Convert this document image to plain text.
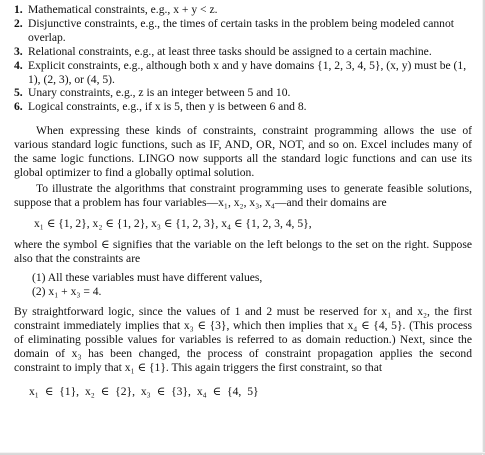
1. Mathematical constraints, e.g., x + y < z.
2. Disjunctive constraints, e.g., the times of certain tasks in the problem being modeled cannot overlap.
3. Relational constraints, e.g., at least three tasks should be assigned to a certain machine.
4. Explicit constraints, e.g., although both x and y have domains {1, 2, 3, 4, 5}, (x, y) must be (1, 1), (2, 3), or (4, 5).
5. Unary constraints, e.g., z is an integer between 5 and 10.
6. Logical constraints, e.g., if x is 5, then y is between 6 and 8.

When expressing these kinds of constraints, constraint programming allows the use of various standard logic functions, such as IF, AND, OR, NOT, and so on. Excel includes many of the same logic functions. LINGO now supports all the standard logic functions and can use its global optimizer to find a globally optimal solution.

To illustrate the algorithms that constraint programming uses to generate feasible solutions, suppose that a problem has four variables—x₁, x₂, x₃, x₄—and their domains are

x₁ ∈ {1, 2}, x₂ ∈ {1, 2}, x₃ ∈ {1, 2, 3}, x₄ ∈ {1, 2, 3, 4, 5},

where the symbol ∈ signifies that the variable on the left belongs to the set on the right. Suppose also that the constraints are

(1) All these variables must have different values,
(2) x₁ + x₃ = 4.

By straightforward logic, since the values of 1 and 2 must be reserved for x₁ and x₂, the first constraint immediately implies that x₃ ∈ {3}, which then implies that x₄ ∈ {4, 5}. (This process of eliminating possible values for variables is referred to as domain reduction.) Next, since the domain of x₃ has been changed, the process of constraint propagation applies the second constraint to imply that x₁ ∈ {1}. This again triggers the first constraint, so that

x₁ ∈ {1}, x₂ ∈ {2}, x₃ ∈ {3}, x₄ ∈ {4, 5}
